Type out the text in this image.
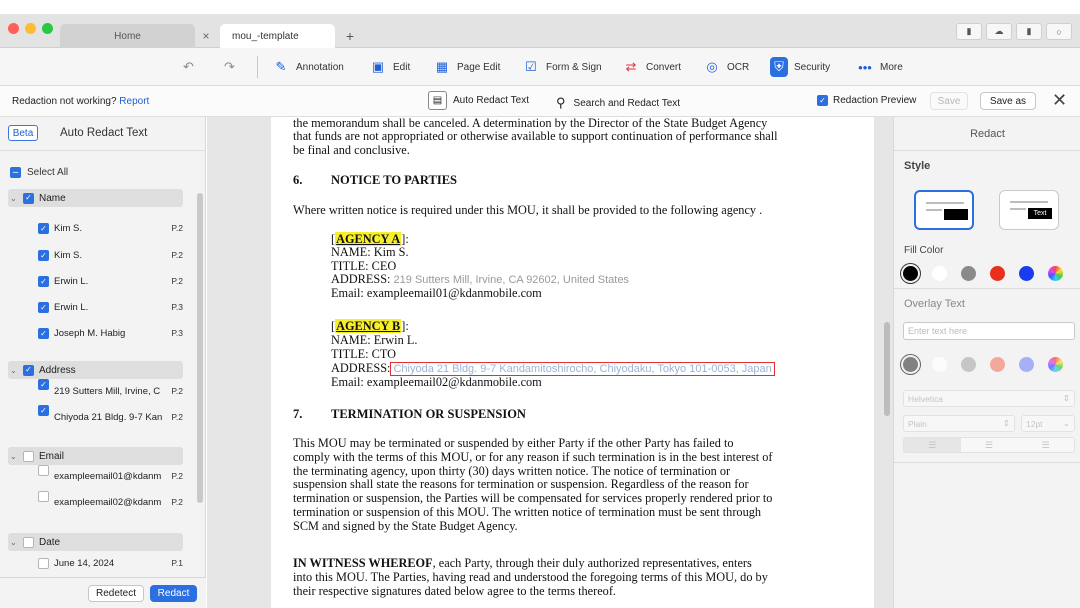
Home	×	mou_-template	+	▮	☁	▮	○
↶ ↷	✎ Annotation ▣ Edit ▦ Page Edit ☑ Form & Sign ⇄ Convert ◎ OCR	⛨	Security ••• More
Redaction not working? Report	▤	Auto Redact Text ⚲ Search and Redact Text	✓ Redaction Preview	Save	Save as	✕
Beta	Auto Redact Text
– Select All
⌄ ✓ Name
✓ Kim S.	P.2
✓ Kim S.	P.2
✓ Erwin L.	P.2
✓ Erwin L.	P.3
✓ Joseph M. Habig	P.3
⌄ ✓ Address
✓
219 Sutters Mill, Irvine, C	P.2
✓
Chiyoda 21 Bldg. 9-7 Kan	P.2
⌄ Email
exampleemail01@kdanm	P.2
exampleemail02@kdanm	P.2
⌄ Date
June 14, 2024	P.1
Redetect	Redact
the memorandum shall be canceled. A determination by the Director of the State Budget Agency
that funds are not appropriated or otherwise available to support continuation of performance shall
be final and conclusive.
6. NOTICE TO PARTIES
Where written notice is required under this MOU, it shall be provided to the following agency .
[AGENCY A]:
NAME: Kim S.
TITLE: CEO
ADDRESS: 219 Sutters Mill, Irvine, CA 92602, United States
Email: exampleemail01@kdanmobile.com
[AGENCY B]:
NAME: Erwin L.
TITLE: CTO
ADDRESS: Chiyoda 21 Bldg. 9-7 Kandamitoshirocho, Chiyodaku, Tokyo 101-0053, Japan
Email: exampleemail02@kdanmobile.com
7. TERMINATION OR SUSPENSION
This MOU may be terminated or suspended by either Party if the other Party has failed to
comply with the terms of this MOU, or for any reason if such termination is in the best interest of
the terminating agency, upon thirty (30) days written notice. The notice of termination or
suspension shall state the reasons for termination or suspension. Regardless of the reason for
termination or suspension, the Parties will be compensated for services properly rendered prior to
termination or suspension of this MOU. The written notice of termination must be sent through
SCM and signed by the State Budget Agency.
IN WITNESS WHEREOF, each Party, through their duly authorized representatives, enters
into this MOU. The Parties, having read and understood the foregoing terms of this MOU, do by
their respective signatures dated below agree to the terms thereof.
Redact
Style
Text
Fill Color
Overlay Text
Enter text here
Helvetica	⇕
Plain	⇕ 12pt ⌄
☰	☰	☰
